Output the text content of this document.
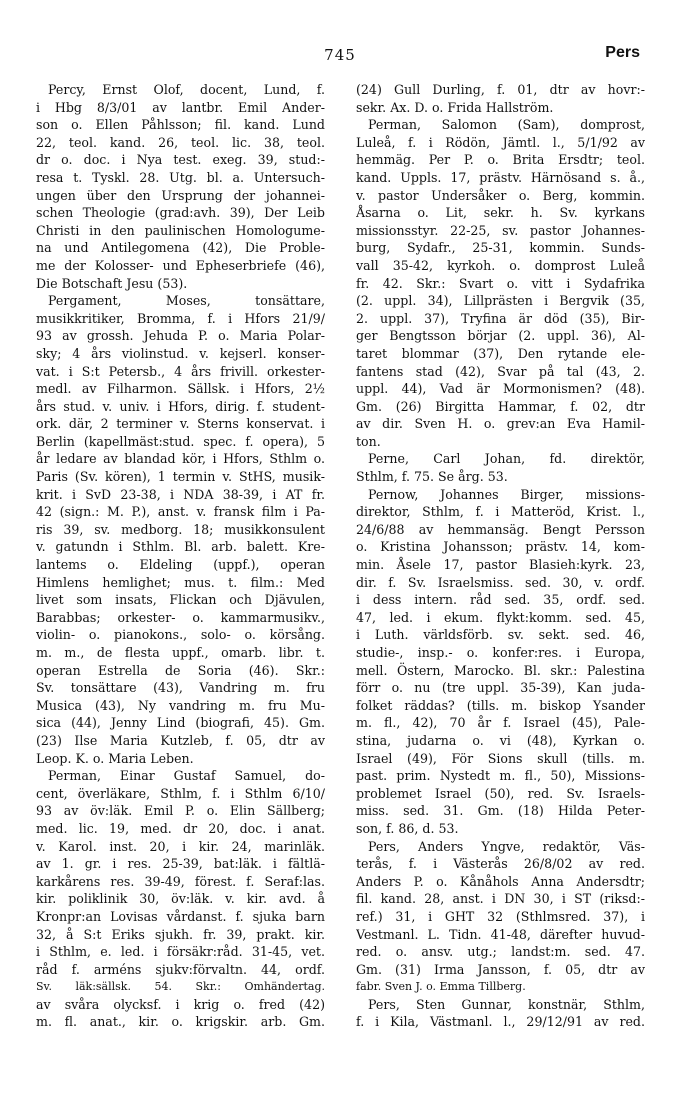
745	Pers
Percy, Ernst Olof, docent, Lund, f.
i Hbg 8/3/01 av lantbr. Emil Ander-
son o. Ellen Påhlsson; fil. kand. Lund
22, teol. kand. 26, teol. lic. 38, teol.
dr o. doc. i Nya test. exeg. 39, stud:-
resa t. Tyskl. 28. Utg. bl. a. Untersuch-
ungen über den Ursprung der johannei-
schen Theologie (grad:avh. 39), Der Leib
Christi in den paulinischen Homologume-
na und Antilegomena (42), Die Proble-
me der Kolosser- und Epheserbriefe (46),
Die Botschaft Jesu (53).
Pergament, Moses, tonsättare,
musikkritiker, Bromma, f. i Hfors 21/9/
93 av grossh. Jehuda P. o. Maria Polar-
sky; 4 års violinstud. v. kejserl. konser-
vat. i S:t Petersb., 4 års frivill. orkester-
medl. av Filharmon. Sällsk. i Hfors, 2½
års stud. v. univ. i Hfors, dirig. f. student-
ork. där, 2 terminer v. Sterns konservat. i
Berlin (kapellmäst:stud. spec. f. opera), 5
år ledare av blandad kör, i Hfors, Sthlm o.
Paris (Sv. kören), 1 termin v. StHS, musik-
krit. i SvD 23-38, i NDA 38-39, i AT fr.
42 (sign.: M. P.), anst. v. fransk film i Pa-
ris 39, sv. medborg. 18; musikkonsulent
v. gatundn i Sthlm. Bl. arb. balett. Kre-
lantems o. Eldeling (uppf.), operan
Himlens hemlighet; mus. t. film.: Med
livet som insats, Flickan och Djävulen,
Barabbas; orkester- o. kammarmusikv.,
violin- o. pianokons., solo- o. körsång.
m. m., de flesta uppf., omarb. libr. t.
operan Estrella de Soria (46). Skr.:
Sv. tonsättare (43), Vandring m. fru
Musica (43), Ny vandring m. fru Mu-
sica (44), Jenny Lind (biografi, 45). Gm.
(23) Ilse Maria Kutzleb, f. 05, dtr av
Leop. K. o. Maria Leben.
Perman, Einar Gustaf Samuel, do-
cent, överläkare, Sthlm, f. i Sthlm 6/10/
93 av öv:läk. Emil P. o. Elin Sällberg;
med. lic. 19, med. dr 20, doc. i anat.
v. Karol. inst. 20, i kir. 24, marinläk.
av 1. gr. i res. 25-39, bat:läk. i fältlä-
karkårens res. 39-49, förest. f. Seraf:las.
kir. poliklinik 30, öv:läk. v. kir. avd. å
Kronpr:an Lovisas vårdanst. f. sjuka barn
32, å S:t Eriks sjukh. fr. 39, prakt. kir.
i Sthlm, e. led. i försäkr:råd. 31-45, vet.
råd f. arméns sjukv:förvaltn. 44, ordf.
Sv. läk:sällsk. 54. Skr.: Omhändertag.
av svåra olycksf. i krig o. fred (42)
m. fl. anat., kir. o. krigskir. arb. Gm.
(24) Gull Durling, f. 01, dtr av hovr:-
sekr. Ax. D. o. Frida Hallström.
Perman, Salomon (Sam), domprost,
Luleå, f. i Rödön, Jämtl. l., 5/1/92 av
hemmäg. Per P. o. Brita Ersdtr; teol.
kand. Uppls. 17, prästv. Härnösand s. å.,
v. pastor Undersåker o. Berg, kommin.
Åsarna o. Lit, sekr. h. Sv. kyrkans
missionsstyr. 22-25, sv. pastor Johannes-
burg, Sydafr., 25-31, kommin. Sunds-
vall 35-42, kyrkoh. o. domprost Luleå
fr. 42. Skr.: Svart o. vitt i Sydafrika
(2. uppl. 34), Lillprästen i Bergvik (35,
2. uppl. 37), Tryfina är död (35), Bir-
ger Bengtsson börjar (2. uppl. 36), Al-
taret blommar (37), Den rytande ele-
fantens stad (42), Svar på tal (43, 2.
uppl. 44), Vad är Mormonismen? (48).
Gm. (26) Birgitta Hammar, f. 02, dtr
av dir. Sven H. o. grev:an Eva Hamil-
ton.
Perne, Carl Johan, fd. direktör,
Sthlm, f. 75. Se årg. 53.
Pernow, Johannes Birger, missions-
direktor, Sthlm, f. i Matteröd, Krist. l.,
24/6/88 av hemmansäg. Bengt Persson
o. Kristina Johansson; prästv. 14, kom-
min. Åsele 17, pastor Blasieh:kyrk. 23,
dir. f. Sv. Israelsmiss. sed. 30, v. ordf.
i dess intern. råd sed. 35, ordf. sed.
47, led. i ekum. flykt:komm. sed. 45,
i Luth. världsförb. sv. sekt. sed. 46,
studie-, insp.- o. konfer:res. i Europa,
mell. Östern, Marocko. Bl. skr.: Palestina
förr o. nu (tre uppl. 35-39), Kan juda-
folket räddas? (tills. m. biskop Ysander
m. fl., 42), 70 år f. Israel (45), Pale-
stina, judarna o. vi (48), Kyrkan o.
Israel (49), För Sions skull (tills. m.
past. prim. Nystedt m. fl., 50), Missions-
problemet Israel (50), red. Sv. Israels-
miss. sed. 31. Gm. (18) Hilda Peter-
son, f. 86, d. 53.
Pers, Anders Yngve, redaktör, Väs-
terås, f. i Västerås 26/8/02 av red.
Anders P. o. Kånåhols Anna Andersdtr;
fil. kand. 28, anst. i DN 30, i ST (riksd:-
ref.) 31, i GHT 32 (Sthlmsred. 37), i
Vestmanl. L. Tidn. 41-48, därefter huvud-
red. o. ansv. utg.; landst:m. sed. 47.
Gm. (31) Irma Jansson, f. 05, dtr av
fabr. Sven J. o. Emma Tillberg.
Pers, Sten Gunnar, konstnär, Sthlm,
f. i Kila, Västmanl. l., 29/12/91 av red.
